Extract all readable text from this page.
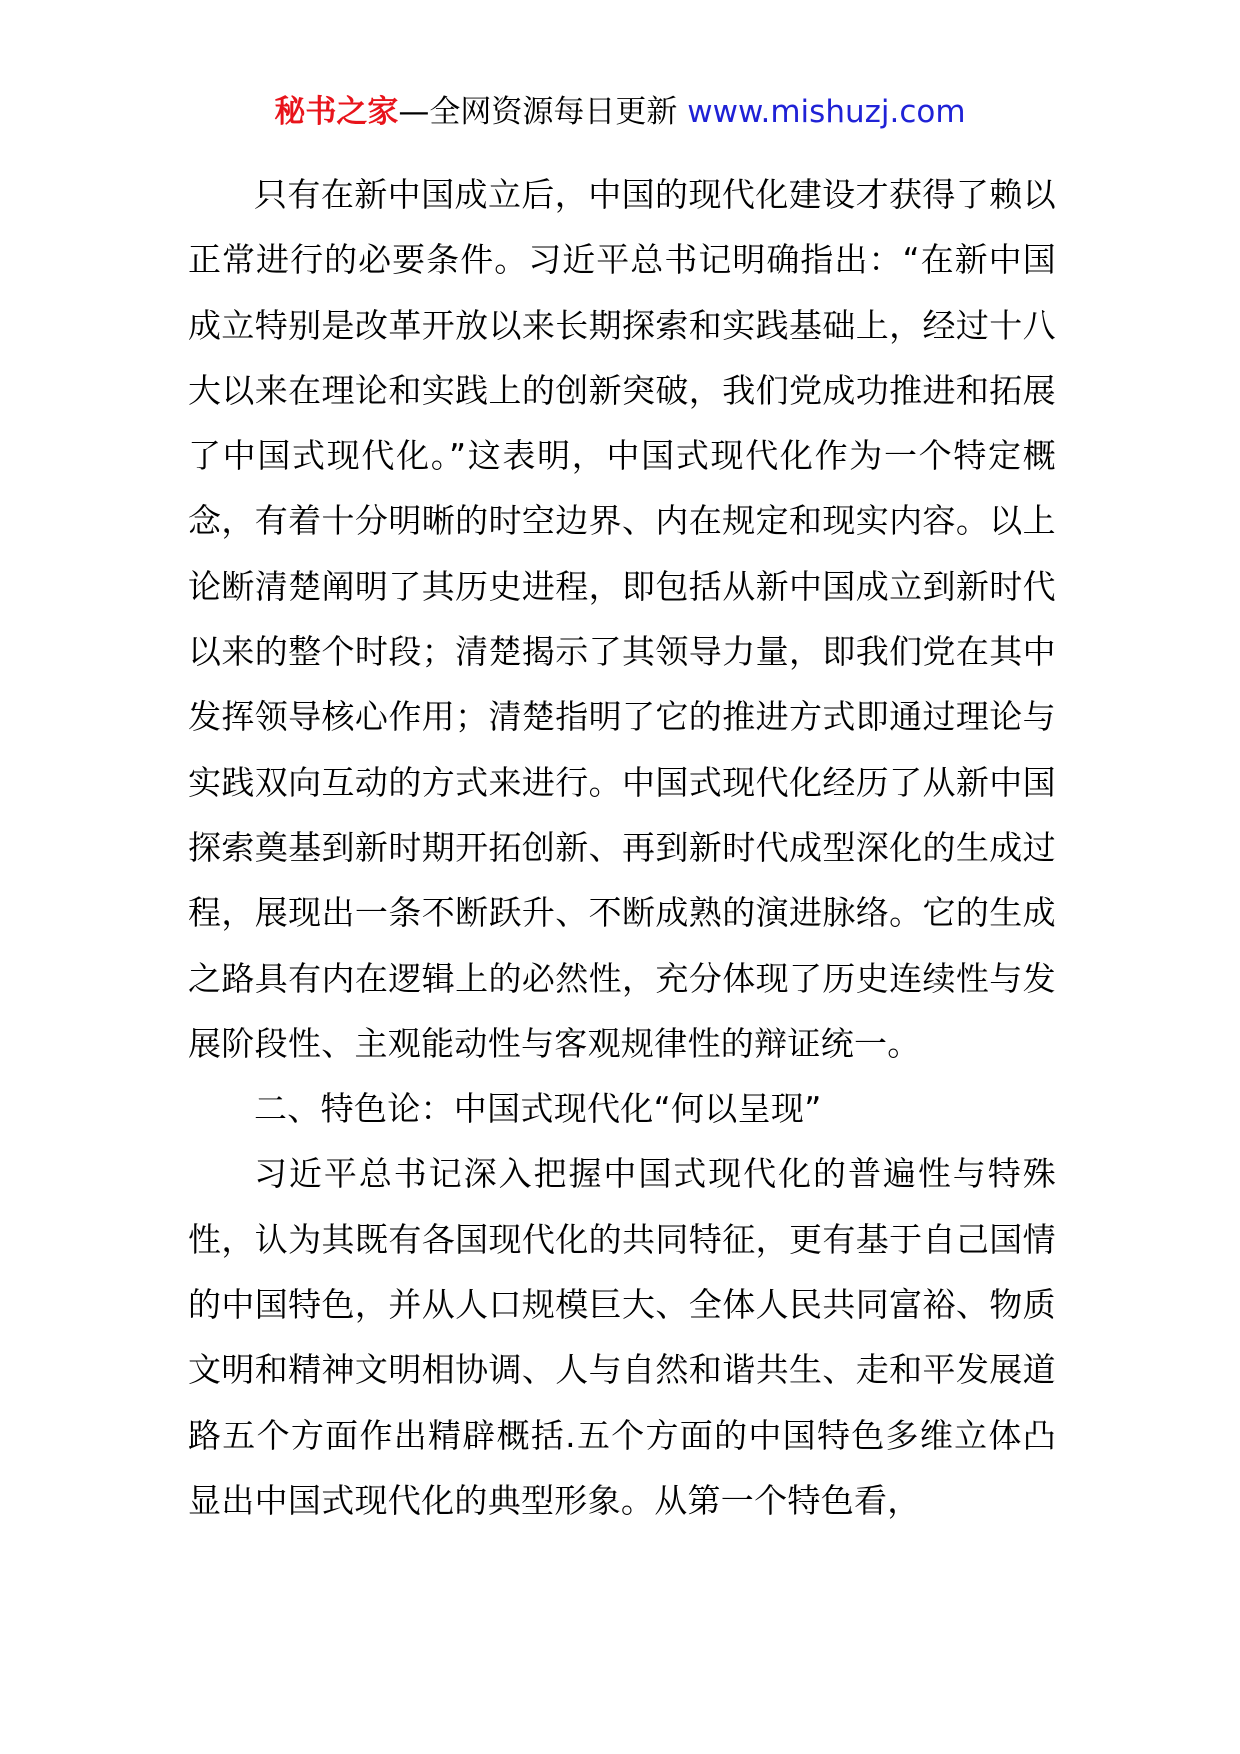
秘书之家—全网资源每日更新 www.mishuzj.com

只有在新中国成立后，中国的现代化建设才获得了赖以正常进行的必要条件。习近平总书记明确指出：“在新中国成立特别是改革开放以来长期探索和实践基础上，经过十八大以来在理论和实践上的创新突破，我们党成功推进和拓展了中国式现代化。”这表明，中国式现代化作为一个特定概念，有着十分明晰的时空边界、内在规定和现实内容。以上论断清楚阐明了其历史进程，即包括从新中国成立到新时代以来的整个时段；清楚揭示了其领导力量，即我们党在其中发挥领导核心作用；清楚指明了它的推进方式即通过理论与实践双向互动的方式来进行。中国式现代化经历了从新中国探索奠基到新时期开拓创新、再到新时代成型深化的生成过程，展现出一条不断跃升、不断成熟的演进脉络。它的生成之路具有内在逻辑上的必然性，充分体现了历史连续性与发展阶段性、主观能动性与客观规律性的辩证统一。

二、特色论：中国式现代化“何以呈现”

习近平总书记深入把握中国式现代化的普遍性与特殊性，认为其既有各国现代化的共同特征，更有基于自己国情的中国特色，并从人口规模巨大、全体人民共同富裕、物质文明和精神文明相协调、人与自然和谐共生、走和平发展道路五个方面作出精辟概括.五个方面的中国特色多维立体凸显出中国式现代化的典型形象。从第一个特色看，
